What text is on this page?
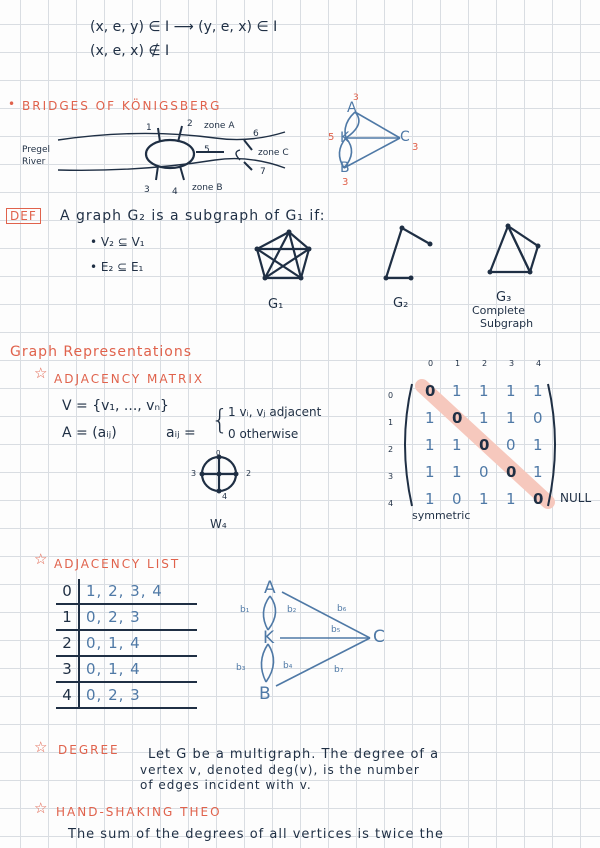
(x, e, y) ∈ I ⟶ (y, e, x) ∈ I
(x, e, x) ∉ I
• BRIDGES OF KÖNIGSBERG
Pregel
River
zone A
zone B
zone C
1	2
3 4
5
6
7
A
K
B
C
3
5
3
3
DEF A graph G₂ is a subgraph of G₁ if:
• V₂ ⊆ V₁
• E₂ ⊆ E₁
G₁	G₂	G₃
Complete
Subgraph
Graph Representations
☆ ADJACENCY MATRIX
V = {v₁, ..., vₙ}
A = (aᵢⱼ)	aᵢⱼ = { 1 vᵢ, vⱼ adjacent
0 otherwise
0
3	2
4
W₄
0	1	2	3	4
0
1
2
3
4
0 1 1 1 1
1 0 1 1 0
1 1 0 0 1
1 1 0 0 1
1 0 1 1 0
symmetric
NULL
☆ ADJACENCY LIST
0	1, 2, 3, 4
1	0, 2, 3
2	0, 1, 4
3	0, 1, 4
4	0, 2, 3
A
K
B
C
b₁	b₂
b₃	b₄
b₅
b₆
b₇
☆ DEGREE Let G be a multigraph. The degree of a
vertex v, denoted deg(v), is the number
of edges incident with v.
☆ HAND-SHAKING THEO
The sum of the degrees of all vertices is twice the
